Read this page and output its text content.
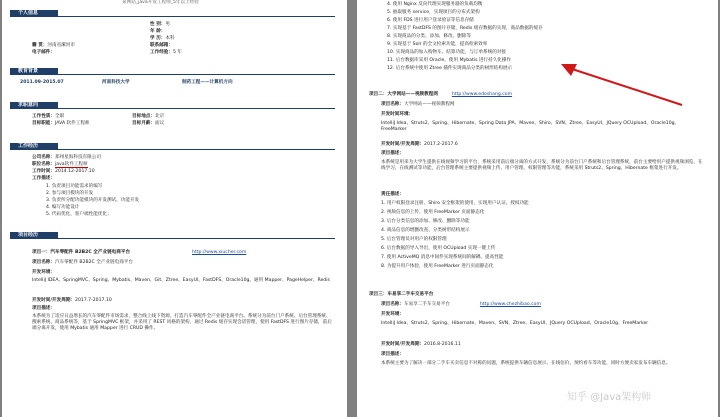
某网站_java开发工程师_5年以上经验
个人信息
性 别：男
年 龄：
学 历：本科
籍 贯：河南省漯河市	联系邮箱：
电子邮件：	工作经验：5 年
教育背景
2011.09-2015.07	河南科技大学	制药工程——计算机方向
求职意向
工作性质：全职	目标地点：北京
目标职能：JAVA 软件工程师	目标月薪：面议
工作经历
公司名称：郑州星海科技有限公司
职位名称：java软件工程师
工作时间：2014.12-2017.10
工作描述：
1. 负责项目功能需求的编写
2. 参与项目模块的开发
3. 负责所分配功能模块的开发测试、功能开发
4. 编写功能设计
5. 代码优化，客户端性能优化；
项目经历
项目一：汽车零配件 B2B2C 全产业链电商平台	http://www.xiucher.com
项目名称：汽车零配件 B2B2C 全产业链电商平台
开发环境：
IntelliJ IDEA、SpringMVC、Spring、Mybatis、Maven、Git、Ztree、EasyUI、FastDFS、Oracle10g、通用 Mapper、PageHelper、Redis
开发时间/开发周期：2017.7-2017.10
项目描述：
本系统为了适应日益增长的汽车零配件市场需求，整合线上线下资源，打造汽车零配件全产业链电商平台。系统分为前台门户系统、后台管理系统、搜索系统、商品系统等，基于 SpringMVC 框架，并采用了 REST 风格的架构，通过 Redis 缓存实现会话管理，使用 FastDFS 进行图片存储，前后端分离开发，使用 Mybatis 通用 Mapper 进行 CRUD 操作。
4. 使用 Nginx 反向代理实现服务器的负载均衡
5. 抽取服务 service，实现项目的分布式架构
6. 使用 FDS 进行用户登录验证等信息存储
7. 实现基于 FastDFS 的图片存储，Redis 缓存数据的实现，商品数据的缓存
8. 实现商品的分类、添加、修改、删除等
9. 实现基于 Solr 的全文检索功能，提高检索效率
10. 实现商品的加入购物车、结算功能，与订单系统的对接
11. 后台数据库采用 Oracle，使用 Mybatis 进行持久化操作
12. 后台系统中使用 Ztree 插件实现商品分类的树形结构展示
项目二：大学网站——视频教程网	http://www.edoshang.com
项目名称：大学网站——视频教程网
开发时间环境：
IntelliJ Idea、Struts2、Spring、Hibernate、Spring Data JPA、Maven、Shiro、SVN、Ztree、EasyUI、JQuery OCUpload、Oracle10g、FreeMarker
开发时间/开发周期：2017.2-2017.6
项目描述：
本系统是用来为大学生提供在线视频学习的平台，系统采用前后端分离的方式开发，系统分为前台门户系统和后台管理系统，前台主要给用户提供视频浏览、在线学习、在线测试等功能，后台管理系统主要提供视频上传、用户管理、权限管理等功能，系统采用 Struts2、Spring、Hibernate 框架进行开发。
责任描述：
1. 用户权限登录注册、Shiro 安全框架的使用，实现用户认证、授权功能
2. 视频信息的上传、使用 FreeMarker 页面静态化
3. 后台分类信息的添加、修改、删除等功能
4. 商品信息的增删改查、分类树形结构展示
5. 后台管理员对用户的权限管理
6. 后台数据的导入导出，使用 OCUpload 实现一键上传
7. 使用 ActiveMQ 消息中间件实现系统间的解耦、提高性能
8. 为提升用户体验，使用 FreeMarker 进行页面静态化
项目三：车易享二手车交易平台
项目名称：车易享二手车交易平台	http://www.chezhibao.com
开发环境：
IntelliJ Idea、Struts2、Spring、Hibernate、Maven、SVN、Ztree、EasyUI、JQuery OCUpload、Oracle10g、FreeMarker
开发时间/开发周期：2016.8-2016.11
项目描述：
本系统主要为了解决一部分二手车买卖信息不对称的问题，系统提供车辆信息展示、在线估价、预约看车等功能，同时方便卖家发布车辆信息。
知乎 @Java架构师
